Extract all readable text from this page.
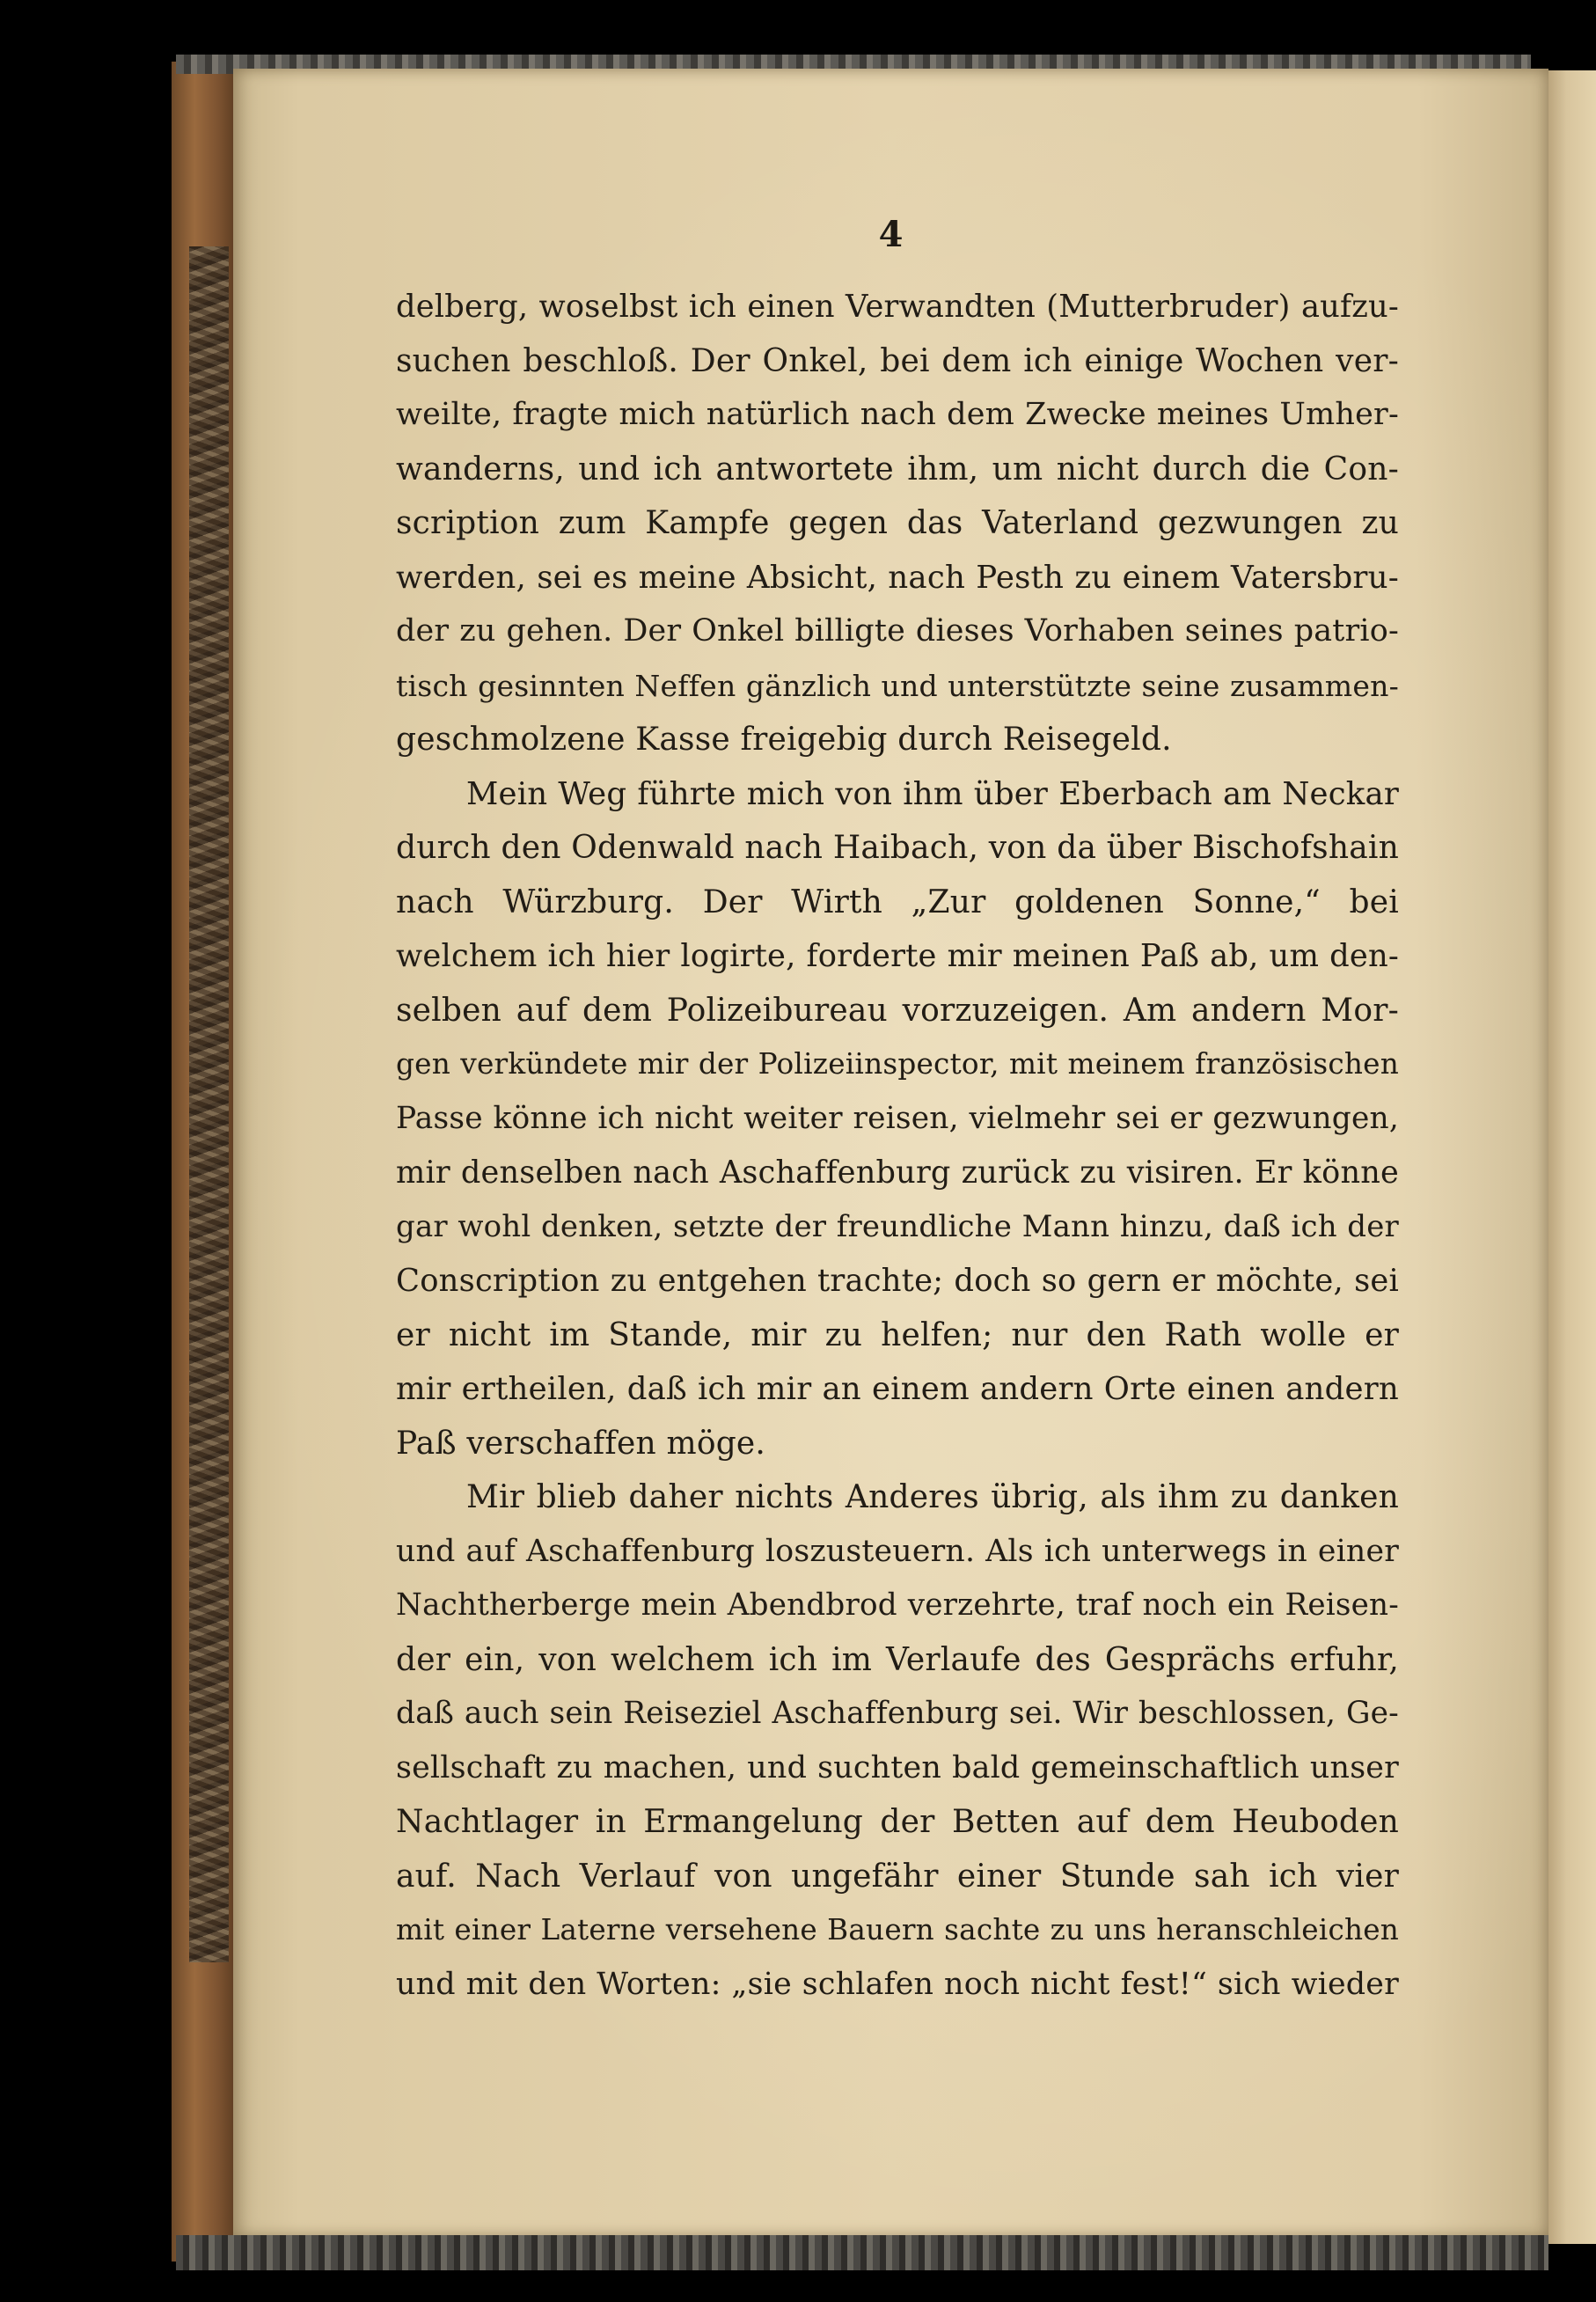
4
delberg, woselbst ich einen Verwandten (Mutterbruder) aufzu-
suchen beschloß. Der Onkel, bei dem ich einige Wochen ver-
weilte, fragte mich natürlich nach dem Zwecke meines Umher-
wanderns, und ich antwortete ihm, um nicht durch die Con-
scription zum Kampfe gegen das Vaterland gezwungen zu
werden, sei es meine Absicht, nach Pesth zu einem Vatersbru-
der zu gehen. Der Onkel billigte dieses Vorhaben seines patrio-
tisch gesinnten Neffen gänzlich und unterstützte seine zusammen-
geschmolzene Kasse freigebig durch Reisegeld.
Mein Weg führte mich von ihm über Eberbach am Neckar
durch den Odenwald nach Haibach, von da über Bischofshain
nach Würzburg. Der Wirth „Zur goldenen Sonne,“ bei
welchem ich hier logirte, forderte mir meinen Paß ab, um den-
selben auf dem Polizeibureau vorzuzeigen. Am andern Mor-
gen verkündete mir der Polizeiinspector, mit meinem französischen
Passe könne ich nicht weiter reisen, vielmehr sei er gezwungen,
mir denselben nach Aschaffenburg zurück zu visiren. Er könne
gar wohl denken, setzte der freundliche Mann hinzu, daß ich der
Conscription zu entgehen trachte; doch so gern er möchte, sei
er nicht im Stande, mir zu helfen; nur den Rath wolle er
mir ertheilen, daß ich mir an einem andern Orte einen andern
Paß verschaffen möge.
Mir blieb daher nichts Anderes übrig, als ihm zu danken
und auf Aschaffenburg loszusteuern. Als ich unterwegs in einer
Nachtherberge mein Abendbrod verzehrte, traf noch ein Reisen-
der ein, von welchem ich im Verlaufe des Gesprächs erfuhr,
daß auch sein Reiseziel Aschaffenburg sei. Wir beschlossen, Ge-
sellschaft zu machen, und suchten bald gemeinschaftlich unser
Nachtlager in Ermangelung der Betten auf dem Heuboden
auf. Nach Verlauf von ungefähr einer Stunde sah ich vier
mit einer Laterne versehene Bauern sachte zu uns heranschleichen
und mit den Worten: „sie schlafen noch nicht fest!“ sich wieder
